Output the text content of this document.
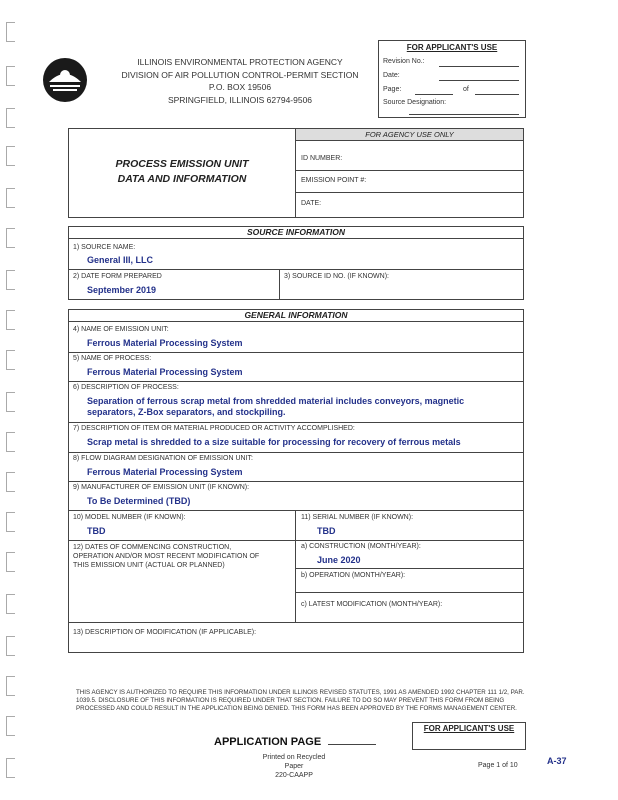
ILLINOIS ENVIRONMENTAL PROTECTION AGENCY
DIVISION OF AIR POLLUTION CONTROL-PERMIT SECTION
P.O. BOX 19506
SPRINGFIELD, ILLINOIS 62794-9506
FOR APPLICANT'S USE
Revision No.:
Date:
Page:	of
Source Designation:
PROCESS EMISSION UNIT
DATA AND INFORMATION
FOR AGENCY USE ONLY
ID NUMBER:
EMISSION POINT #:
DATE:
SOURCE INFORMATION
1) SOURCE NAME:
General III, LLC
2) DATE FORM PREPARED
September 2019
3) SOURCE ID NO. (IF KNOWN):
GENERAL INFORMATION
4) NAME OF EMISSION UNIT:
Ferrous Material Processing System
5) NAME OF PROCESS:
Ferrous Material Processing System
6) DESCRIPTION OF PROCESS:
Separation of ferrous scrap metal from shredded material includes conveyors, magnetic separators, Z-Box separators, and stockpiling.
7) DESCRIPTION OF ITEM OR MATERIAL PRODUCED OR ACTIVITY ACCOMPLISHED:
Scrap metal is shredded to a size suitable for processing for recovery of ferrous metals
8) FLOW DIAGRAM DESIGNATION OF EMISSION UNIT:
Ferrous Material Processing System
9) MANUFACTURER OF EMISSION UNIT (IF KNOWN):
To Be Determined (TBD)
10) MODEL NUMBER (IF KNOWN):
TBD
11) SERIAL NUMBER (IF KNOWN):
TBD
12) DATES OF COMMENCING CONSTRUCTION, OPERATION AND/OR MOST RECENT MODIFICATION OF THIS EMISSION UNIT (ACTUAL OR PLANNED)
a) CONSTRUCTION (MONTH/YEAR):
June 2020
b) OPERATION (MONTH/YEAR):
c) LATEST MODIFICATION (MONTH/YEAR):
13) DESCRIPTION OF MODIFICATION (IF APPLICABLE):
THIS AGENCY IS AUTHORIZED TO REQUIRE THIS INFORMATION UNDER ILLINOIS REVISED STATUTES, 1991 AS AMENDED 1992 CHAPTER 111 1/2, PAR. 1039.5. DISCLOSURE OF THIS INFORMATION IS REQUIRED UNDER THAT SECTION. FAILURE TO DO SO MAY PREVENT THIS FORM FROM BEING PROCESSED AND COULD RESULT IN THE APPLICATION BEING DENIED. THIS FORM HAS BEEN APPROVED BY THE FORMS MANAGEMENT CENTER.
FOR APPLICANT'S USE
APPLICATION PAGE
Printed on Recycled Paper
220-CAAPP
Page 1 of 10	A-37
